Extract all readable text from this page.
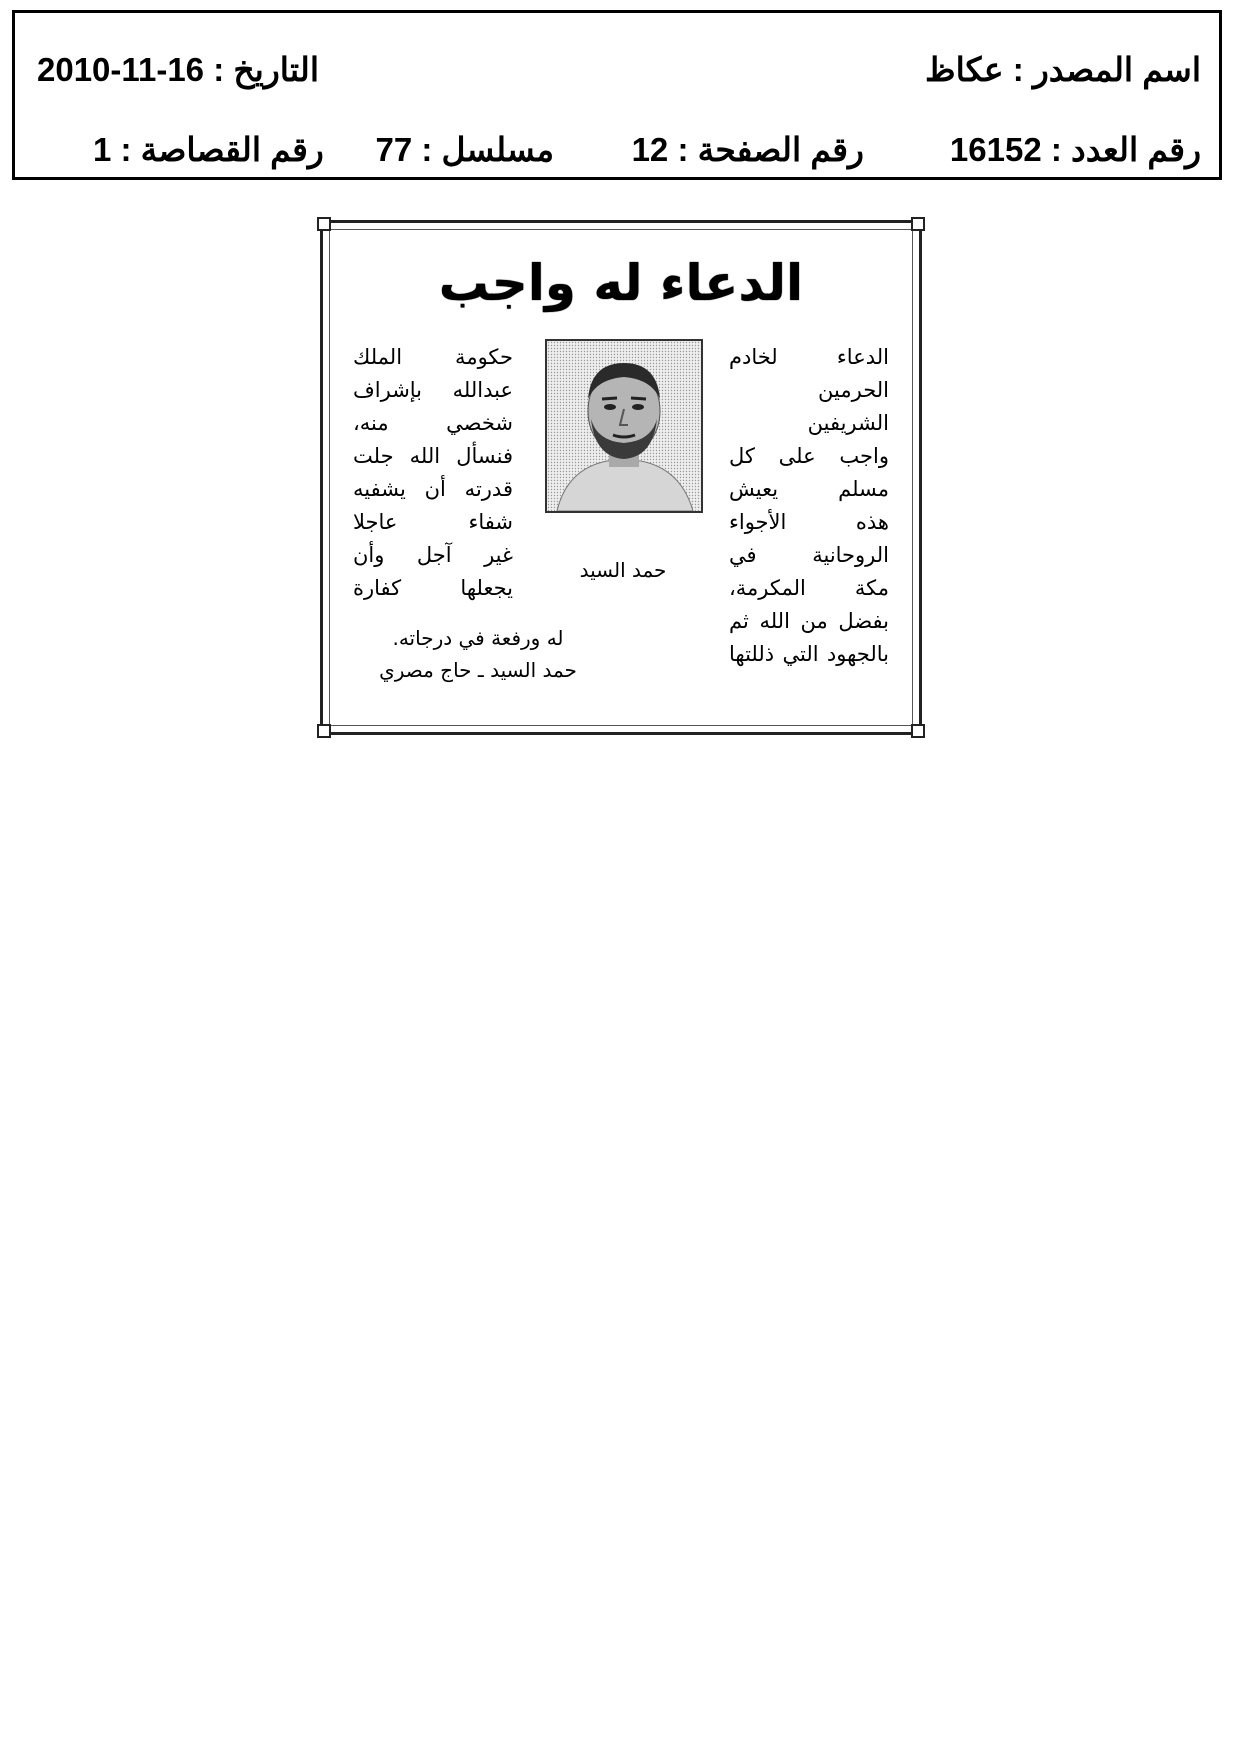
اسم المصدر : عكاظ
التاريخ : 16-11-2010
رقم العدد : 16152
رقم الصفحة : 12
مسلسل : 77
رقم القصاصة : 1
الدعاء له واجب
الدعاء لخادم
الحرمين
الشريفين
واجب على كل
مسلم يعيش
هذه الأجواء
الروحانية في
مكة المكرمة،
بفضل من الله ثم
بالجهود التي ذللتها
حمد السيد
حكومة الملك
عبدالله بإشراف
شخصي منه،
فنسأل الله جلت
قدرته أن يشفيه
شفاء عاجلا
غير آجل وأن
يجعلها كفارة
له ورفعة في درجاته.
حمد السيد ـ حاج مصري
